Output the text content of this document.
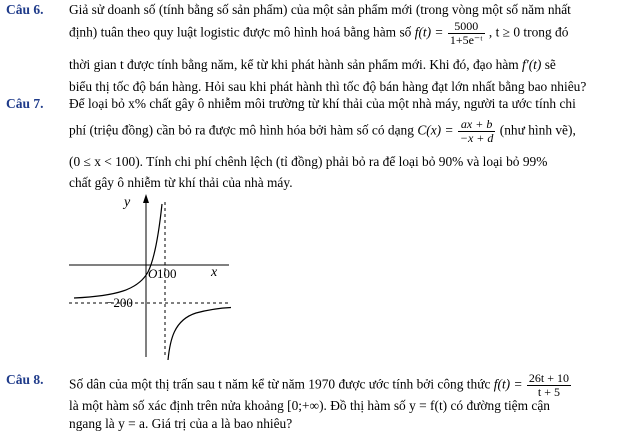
Câu 6. Giả sử doanh số (tính bằng số sản phẩm) của một sản phẩm mới (trong vòng một số năm nhất
định) tuân theo quy luật logistic được mô hình hoá bằng hàm số $f(t) = \frac{5000}{\text{1+5e⁻ᵗ}}$ , t ≥ 0 trong đó
thời gian t được tính bằng năm, kể từ khi phát hành sản phẩm mới. Khi đó, đạo hàm f′(t) sẽ
biểu thị tốc độ bán hàng. Hỏi sau khi phát hành thì tốc độ bán hàng đạt lớn nhất bằng bao nhiêu?
Câu 7. Để loại bỏ x% chất gây ô nhiễm môi trường từ khí thải của một nhà máy, người ta ước tính chi
phí (triệu đồng) cần bỏ ra được mô hình hóa bởi hàm số có dạng $C(x) = \frac{ax + b}{-x + d}$ (như hình vẽ),
(0 ≤ x < 100). Tính chi phí chênh lệch (tỉ đồng) phải bỏ ra để loại bỏ 90% và loại bỏ 99%
chất gây ô nhiễm từ khí thải của nhà máy.
y
x
O 100
−200
Câu 8. Số dân của một thị trấn sau t năm kể từ năm 1970 được ước tính bởi công thức $f(t) = \frac{26t + 10}{t + 5}$
là một hàm số xác định trên nửa khoảng [0;+∞). Đồ thị hàm số y = f(t) có đường tiệm cận
ngang là y = a. Giá trị của a là bao nhiêu?
